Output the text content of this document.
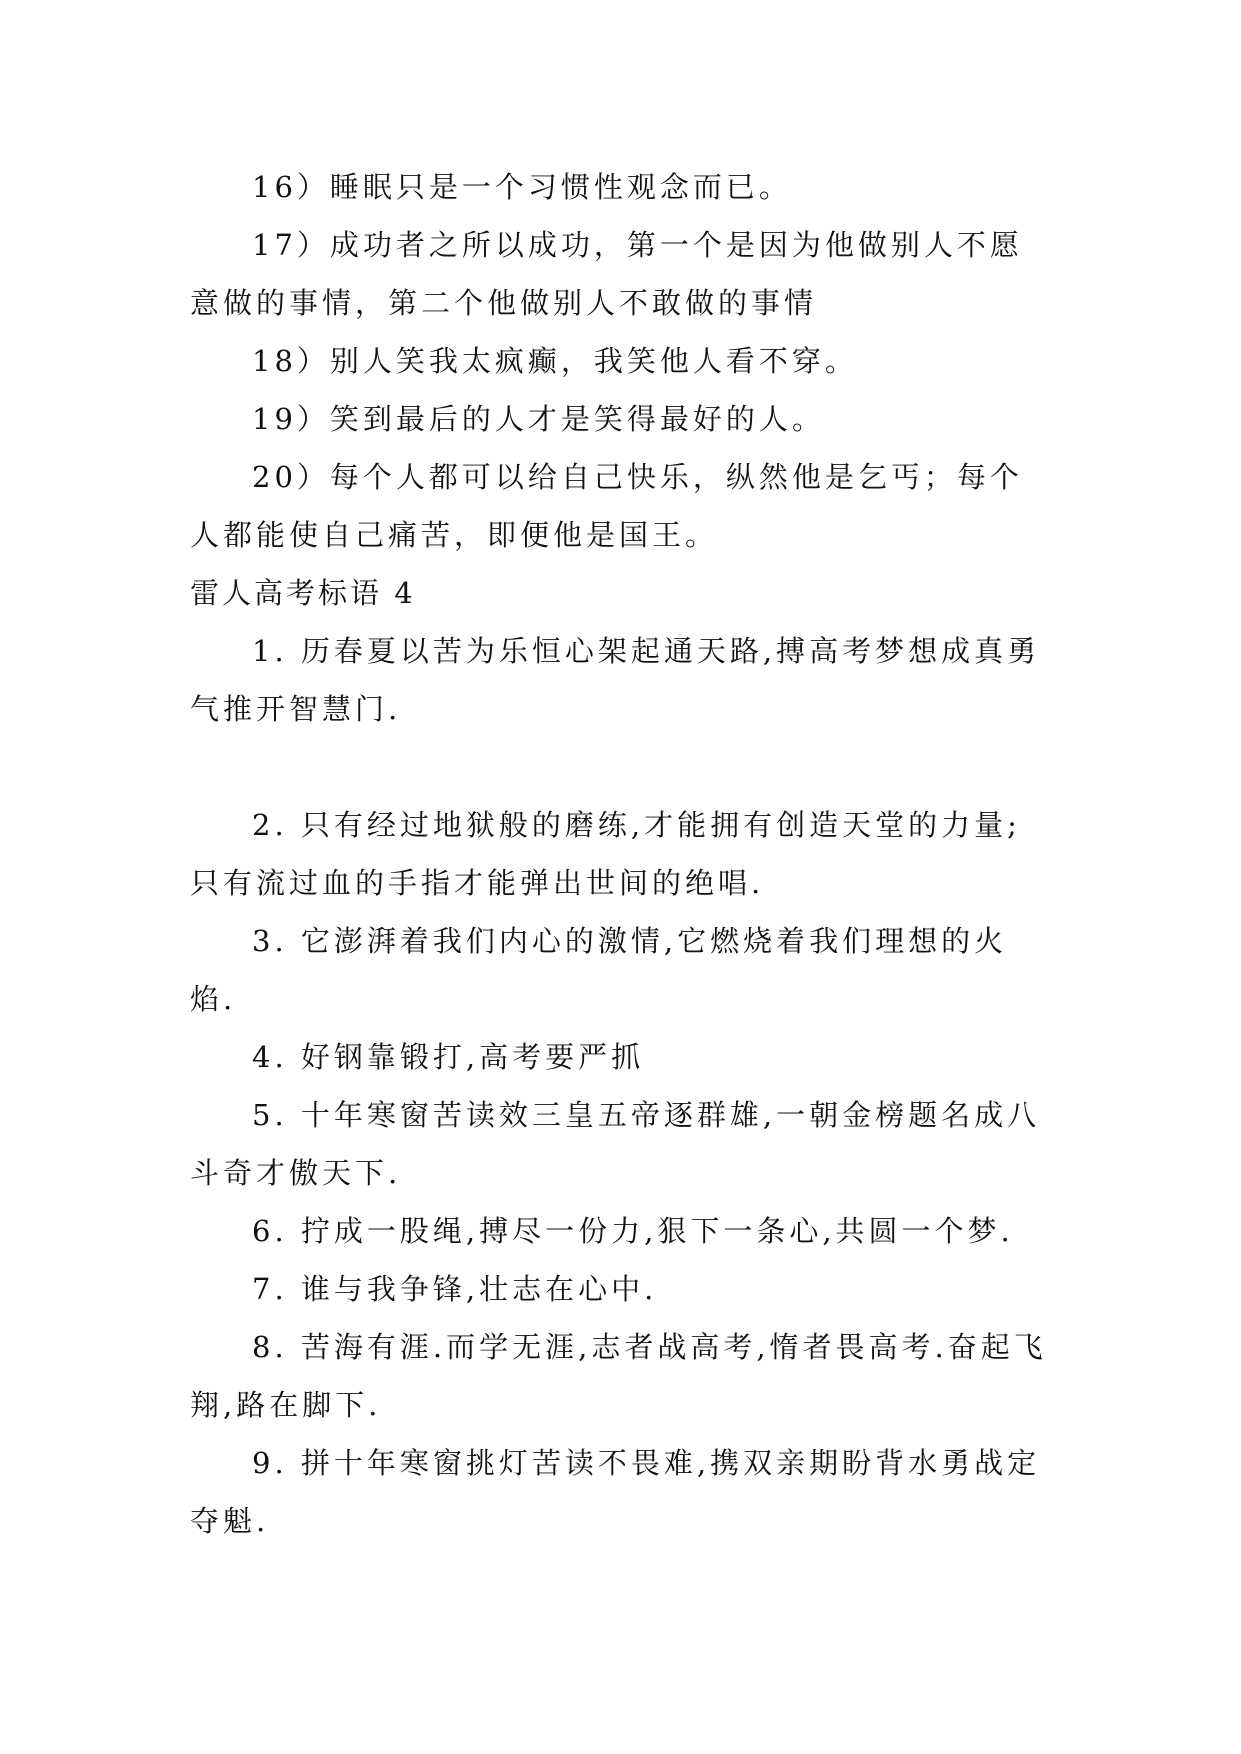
16）睡眠只是一个习惯性观念而已。

17）成功者之所以成功，第一个是因为他做别人不愿意做的事情，第二个他做别人不敢做的事情

18）别人笑我太疯癫，我笑他人看不穿。

19）笑到最后的人才是笑得最好的人。

20）每个人都可以给自己快乐，纵然他是乞丐；每个人都能使自己痛苦，即便他是国王。

雷人高考标语 4

1. 历春夏以苦为乐恒心架起通天路,搏高考梦想成真勇气推开智慧门.

2. 只有经过地狱般的磨练,才能拥有创造天堂的力量;只有流过血的手指才能弹出世间的绝唱.

3. 它澎湃着我们内心的激情,它燃烧着我们理想的火焰.

4. 好钢靠锻打,高考要严抓

5. 十年寒窗苦读效三皇五帝逐群雄,一朝金榜题名成八斗奇才傲天下.

6. 拧成一股绳,搏尽一份力,狠下一条心,共圆一个梦.

7. 谁与我争锋,壮志在心中.

8. 苦海有涯.而学无涯,志者战高考,惰者畏高考.奋起飞翔,路在脚下.

9. 拼十年寒窗挑灯苦读不畏难,携双亲期盼背水勇战定夺魁.
